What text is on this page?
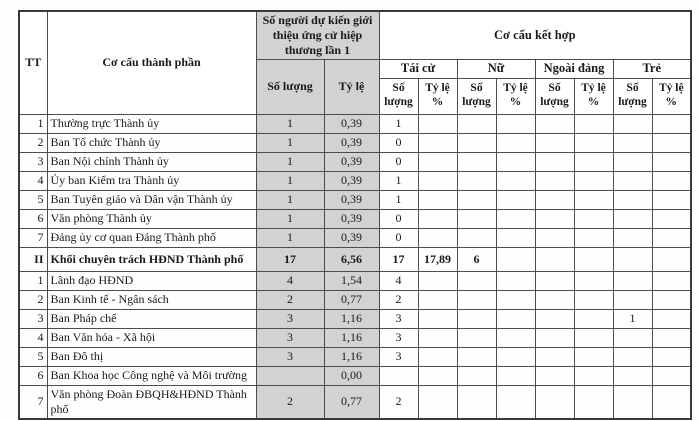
TT	Cơ cấu thành phần	Số người dự kiến giới thiệu ứng cử hiệp thương lần 1		Cơ cấu kết hợp							
		Số lượng	Tỷ lệ	Tái cử		Nữ		Ngoài đảng		Trẻ	
				Số lượng	Tỷ lệ %	Số lượng	Tỷ lệ %	Số lượng	Tỷ lệ %	Số lượng	Tỷ lệ %
1	Thường trực Thành ủy	1	0,39	1							
2	Ban Tổ chức Thành ủy	1	0,39	0							
3	Ban Nội chính Thành ủy	1	0,39	0							
4	Ủy ban Kiểm tra Thành ủy	1	0,39	1							
5	Ban Tuyên giáo và Dân vận Thành ủy	1	0,39	1							
6	Văn phòng Thành ủy	1	0,39	0							
7	Đảng ủy cơ quan Đảng Thành phố	1	0,39	0							
II	Khối chuyên trách HĐND Thành phố	17	6,56	17	17,89	6					
1	Lãnh đạo HĐND	4	1,54	4							
2	Ban Kinh tế - Ngân sách	2	0,77	2							
3	Ban Pháp chế	3	1,16	3						1	
4	Ban Văn hóa - Xã hội	3	1,16	3							
5	Ban Đô thị	3	1,16	3							
6	Ban Khoa học Công nghệ và Môi trường		0,00								
7	Văn phòng Đoàn ĐBQH&HĐND Thành phố	2	0,77	2							
